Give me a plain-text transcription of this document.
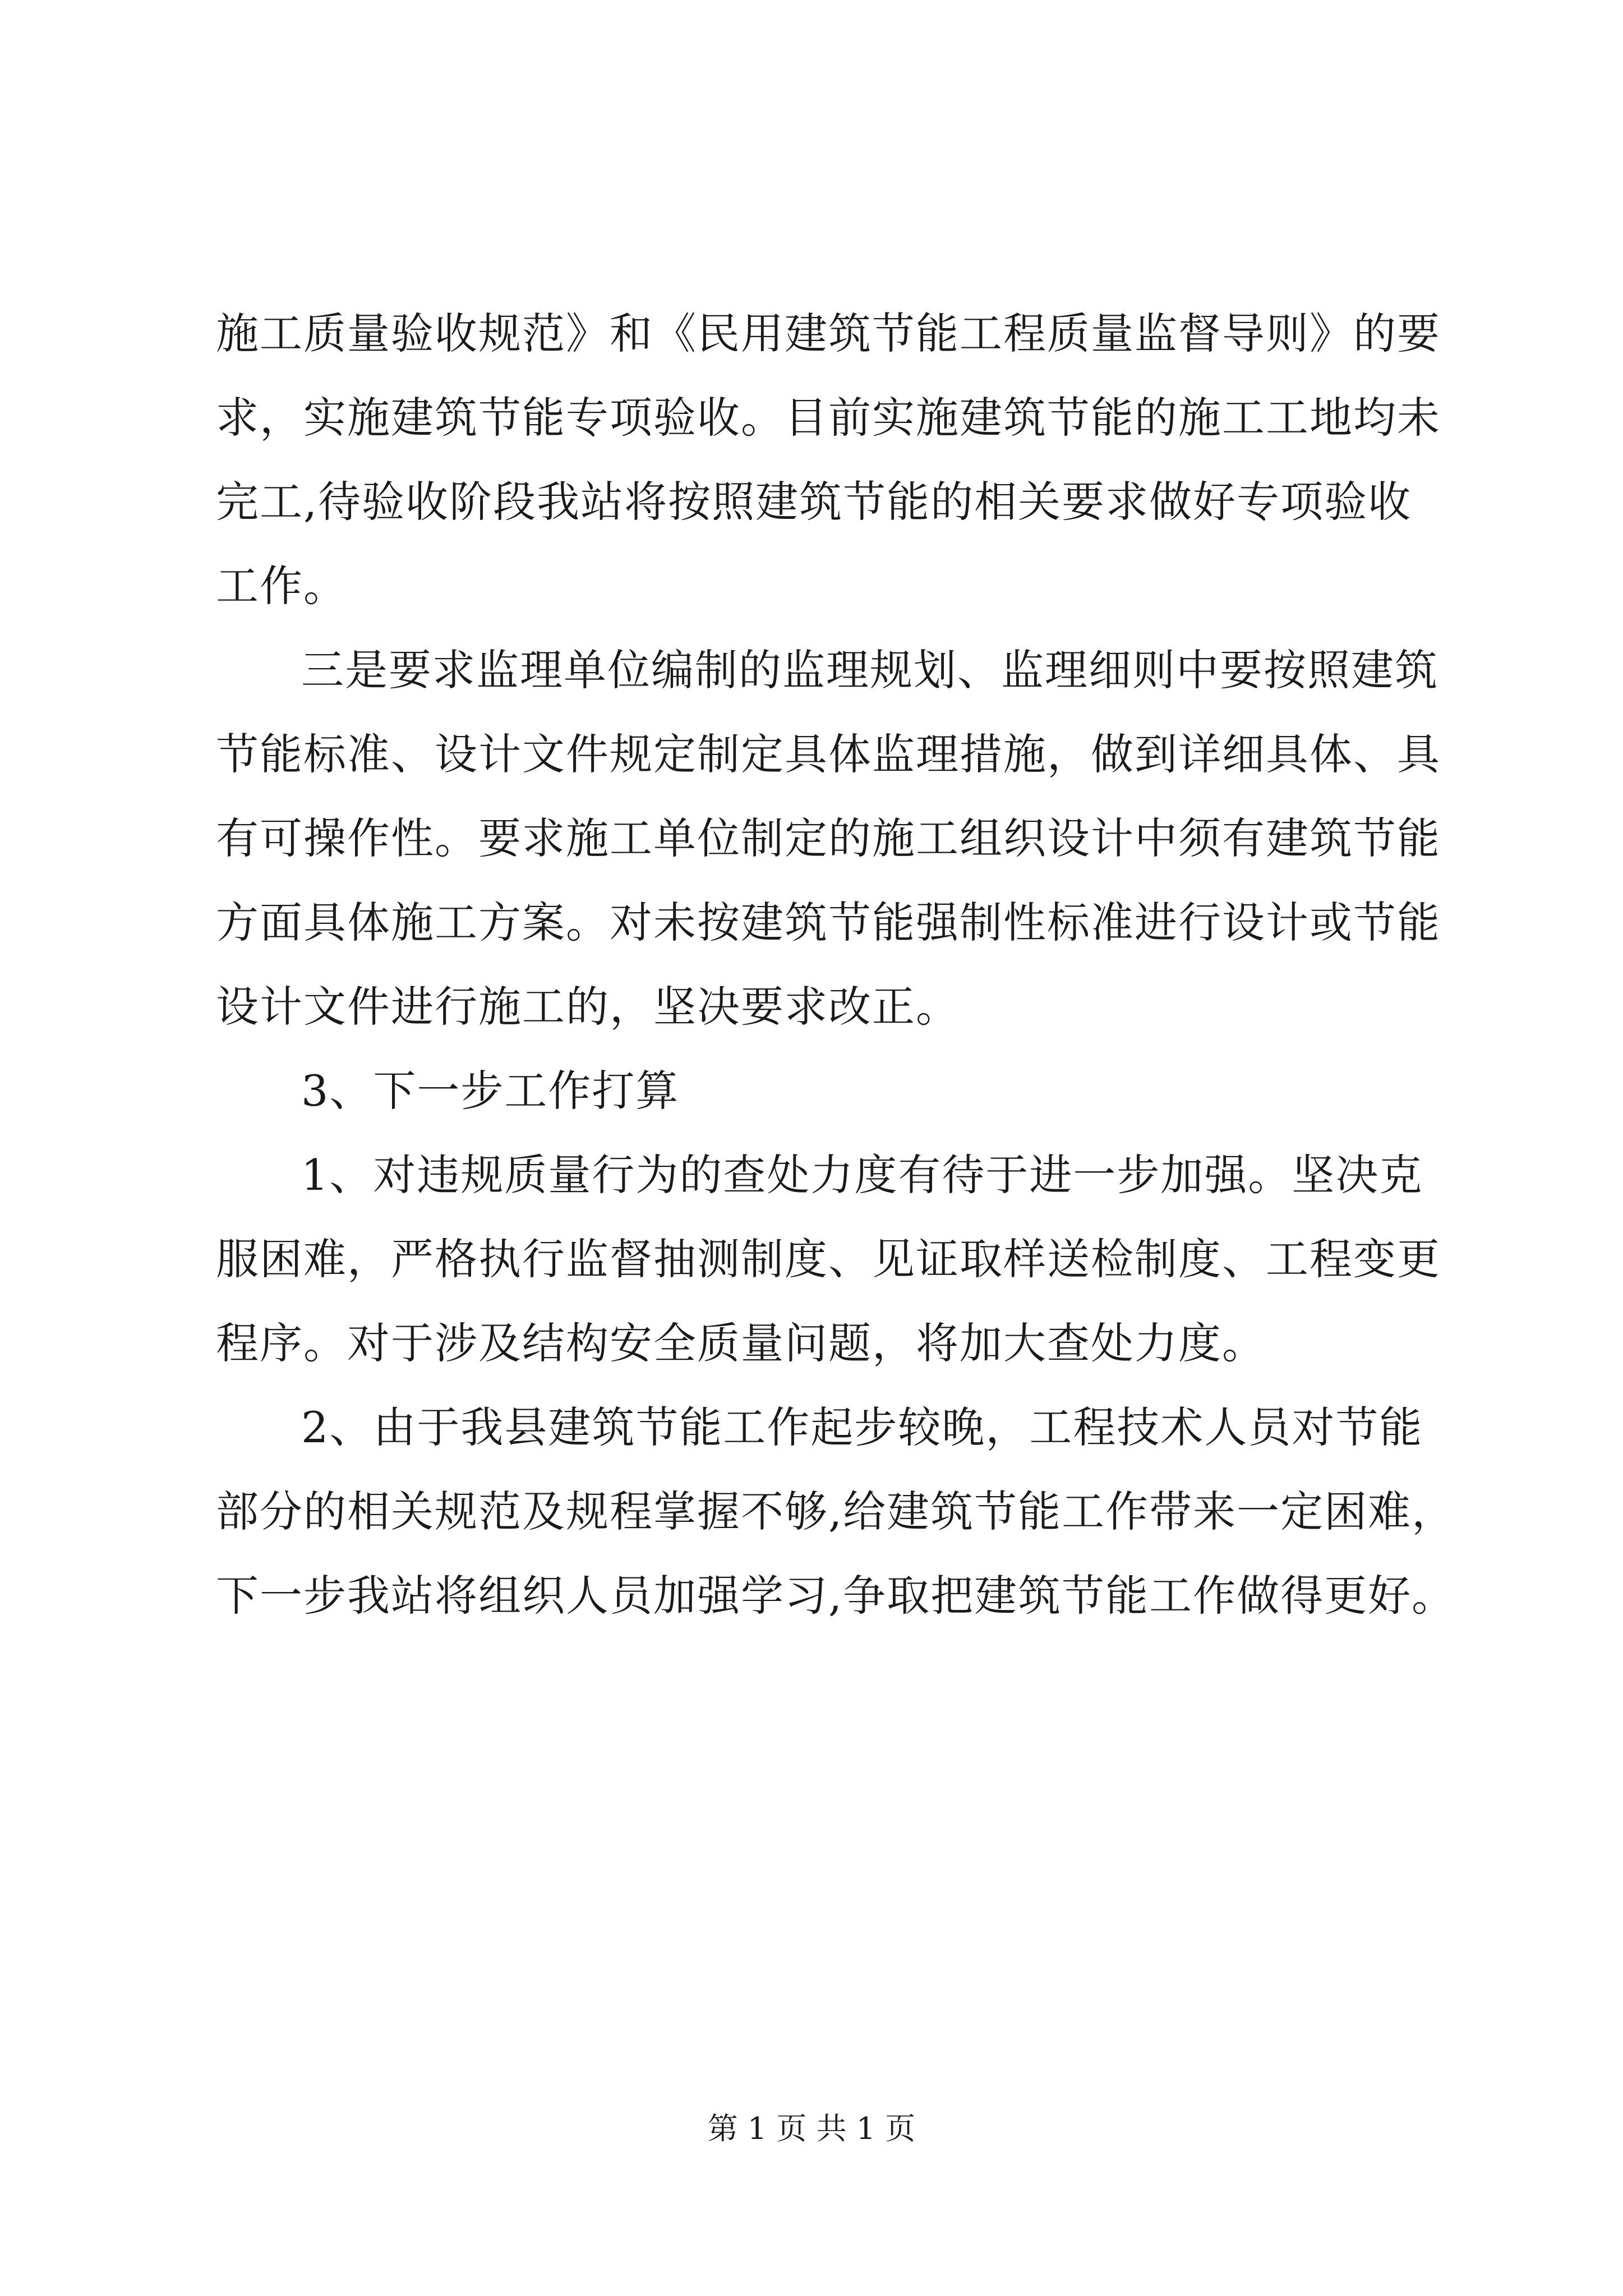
施工质量验收规范》和《民用建筑节能工程质量监督导则》的要
求，实施建筑节能专项验收。目前实施建筑节能的施工工地均未
完工,待验收阶段我站将按照建筑节能的相关要求做好专项验收
工作。
三是要求监理单位编制的监理规划、监理细则中要按照建筑
节能标准、设计文件规定制定具体监理措施，做到详细具体、具
有可操作性。要求施工单位制定的施工组织设计中须有建筑节能
方面具体施工方案。对未按建筑节能强制性标准进行设计或节能
设计文件进行施工的，坚决要求改正。
3、下一步工作打算
1、对违规质量行为的查处力度有待于进一步加强。坚决克
服困难，严格执行监督抽测制度、见证取样送检制度、工程变更
程序。对于涉及结构安全质量问题，将加大查处力度。
2、由于我县建筑节能工作起步较晚，工程技术人员对节能
部分的相关规范及规程掌握不够,给建筑节能工作带来一定困难，
下一步我站将组织人员加强学习,争取把建筑节能工作做得更好。
第 1 页 共 1 页
